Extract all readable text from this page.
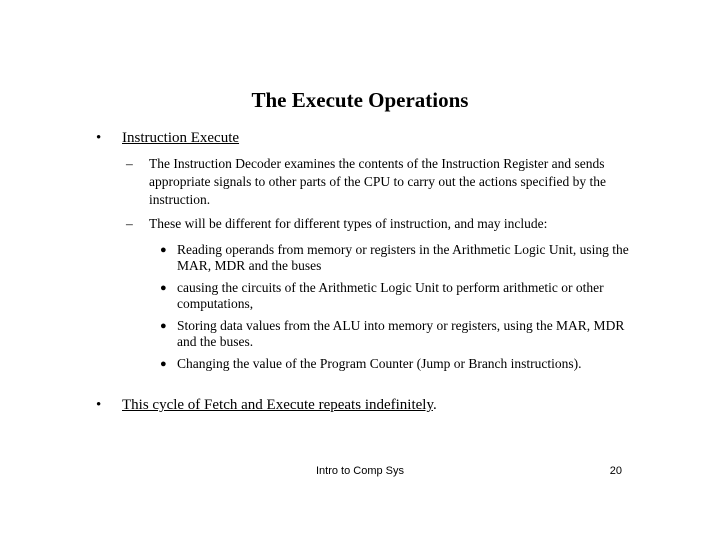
The Execute Operations
• Instruction Execute
– The Instruction Decoder examines the contents of the Instruction Register and sends appropriate signals to other parts of the CPU to carry out the actions specified by the instruction.
– These will be different for different types of instruction, and may include:
● Reading operands from memory or registers in the Arithmetic Logic Unit, using the MAR, MDR and the buses
● causing the circuits of the Arithmetic Logic Unit to perform arithmetic or other computations,
● Storing data values from the ALU into memory or registers, using the MAR, MDR and the buses.
● Changing the value of the Program Counter (Jump or Branch instructions).
• This cycle of Fetch and Execute repeats indefinitely.
Intro to Comp Sys	20
